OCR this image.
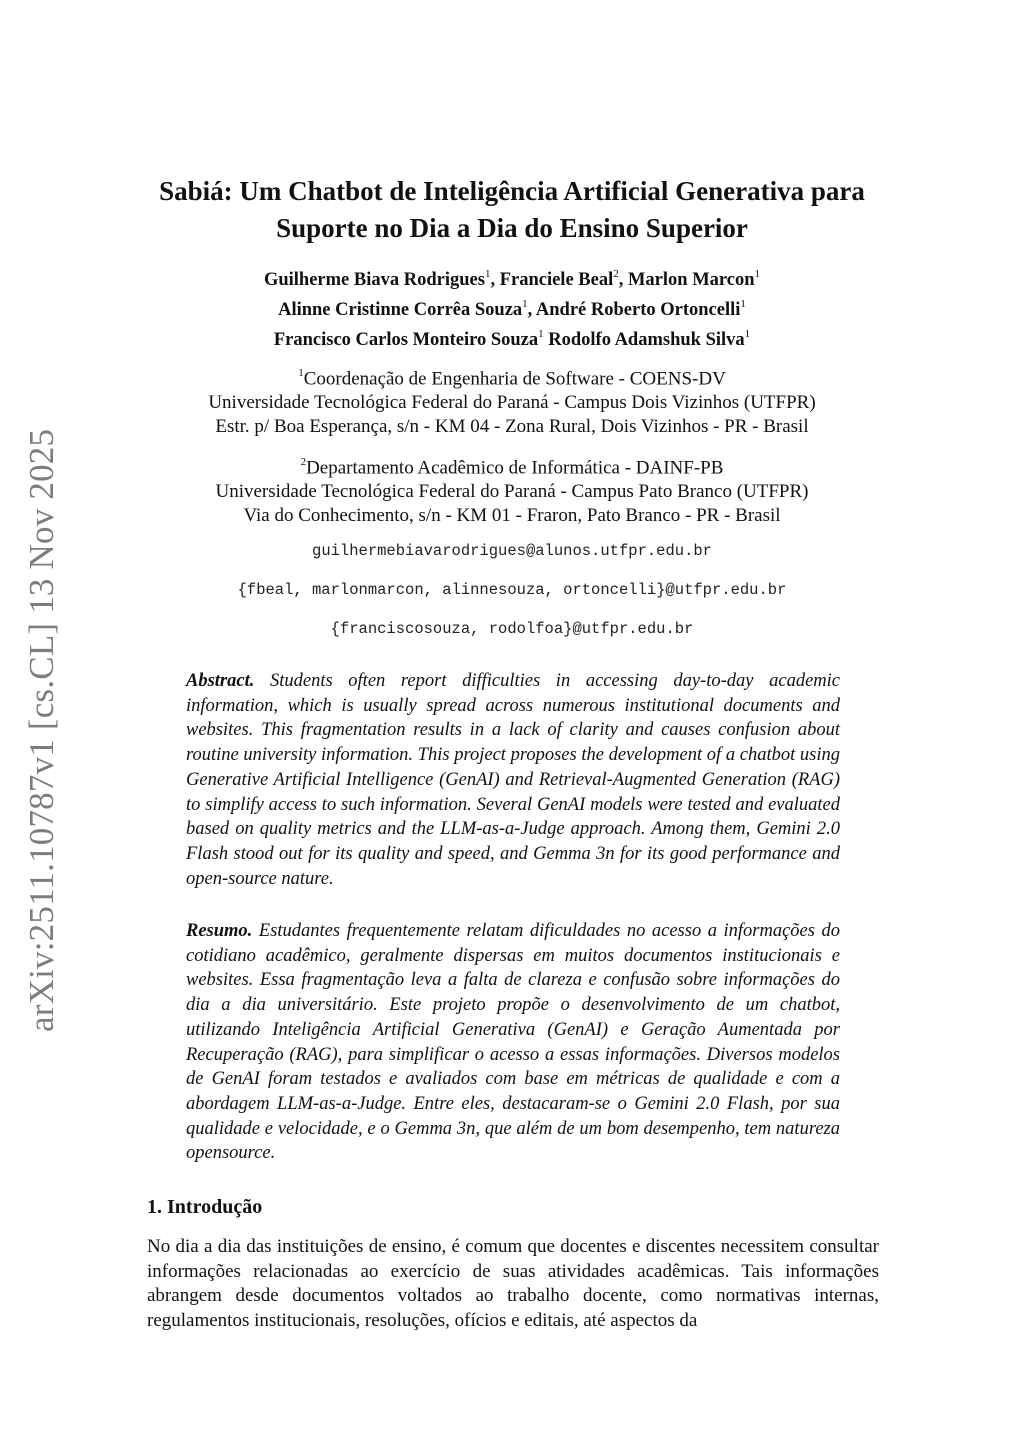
arXiv:2511.10787v1 [cs.CL] 13 Nov 2025
Sabiá: Um Chatbot de Inteligência Artificial Generativa para
Suporte no Dia a Dia do Ensino Superior
Guilherme Biava Rodrigues$^1$, Franciele Beal$^2$, Marlon Marcon$^1$
Alinne Cristinne Corrêa Souza$^1$, André Roberto Ortoncelli$^1$
Francisco Carlos Monteiro Souza$^1$ Rodolfo Adamshuk Silva$^1$
$^1$Coordenação de Engenharia de Software - COENS-DV
Universidade Tecnológica Federal do Paraná - Campus Dois Vizinhos (UTFPR)
Estr. p/ Boa Esperança, s/n - KM 04 - Zona Rural, Dois Vizinhos - PR - Brasil
$^2$Departamento Acadêmico de Informática - DAINF-PB
Universidade Tecnológica Federal do Paraná - Campus Pato Branco (UTFPR)
Via do Conhecimento, s/n - KM 01 - Fraron, Pato Branco - PR - Brasil
guilhermebiavarodrigues@alunos.utfpr.edu.br
{fbeal, marlonmarcon, alinnesouza, ortoncelli}@utfpr.edu.br
{franciscosouza, rodolfoa}@utfpr.edu.br
Abstract. Students often report difficulties in accessing day-to-day academic information, which is usually spread across numerous institutional documents and websites. This fragmentation results in a lack of clarity and causes confusion about routine university information. This project proposes the development of a chatbot using Generative Artificial Intelligence (GenAI) and Retrieval-Augmented Generation (RAG) to simplify access to such information. Several GenAI models were tested and evaluated based on quality metrics and the LLM-as-a-Judge approach. Among them, Gemini 2.0 Flash stood out for its quality and speed, and Gemma 3n for its good performance and open-source nature.
Resumo. Estudantes frequentemente relatam dificuldades no acesso a informações do cotidiano acadêmico, geralmente dispersas em muitos documentos institucionais e websites. Essa fragmentação leva a falta de clareza e confusão sobre informações do dia a dia universitário. Este projeto propõe o desenvolvimento de um chatbot, utilizando Inteligência Artificial Generativa (GenAI) e Geração Aumentada por Recuperação (RAG), para simplificar o acesso a essas informações. Diversos modelos de GenAI foram testados e avaliados com base em métricas de qualidade e com a abordagem LLM-as-a-Judge. Entre eles, destacaram-se o Gemini 2.0 Flash, por sua qualidade e velocidade, e o Gemma 3n, que além de um bom desempenho, tem natureza opensource.
1. Introdução
No dia a dia das instituições de ensino, é comum que docentes e discentes necessitem consultar informações relacionadas ao exercício de suas atividades acadêmicas. Tais informações abrangem desde documentos voltados ao trabalho docente, como normativas internas, regulamentos institucionais, resoluções, ofícios e editais, até aspectos da
